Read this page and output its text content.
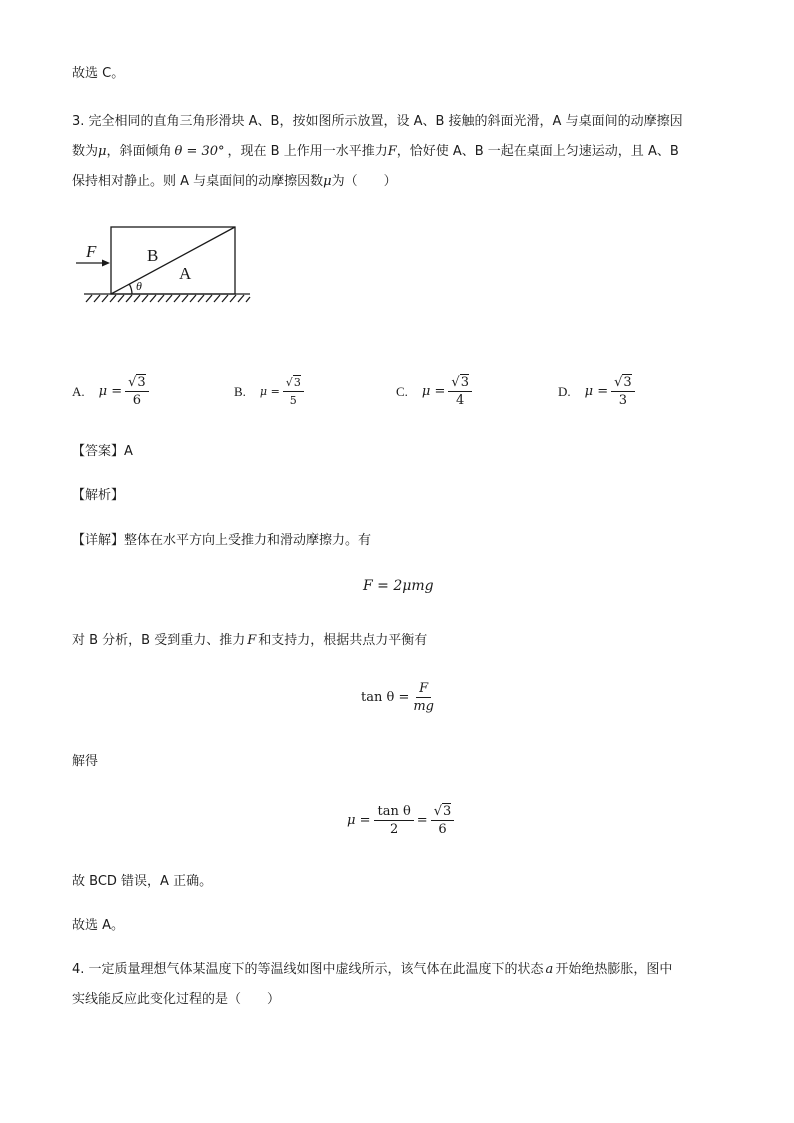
故选 C。
3. 完全相同的直角三角形滑块 A、B，按如图所示放置，设 A、B 接触的斜面光滑，A 与桌面间的动摩擦因
数为μ，斜面倾角 θ = 30° ，现在 B 上作用一水平推力F，恰好使 A、B 一起在桌面上匀速运动，且 A、B
保持相对静止。则 A 与桌面间的动摩擦因数μ为（　　）
F	B
A
θ
A. $\mu = \frac{√3}{6}$	B. $\mu = \frac{√3}{5}$	C. $\mu = \frac{√3}{4}$	D. $\mu = \frac{√3}{3}$
【答案】A
【解析】
【详解】整体在水平方向上受推力和滑动摩擦力。有
F = 2μmg
对 B 分析，B 受到重力、推力 F 和支持力，根据共点力平衡有
$\tan \theta = \frac{F}{mg}$
解得
$\mu = \frac{\text{tan θ}}{2} = \frac{√3}{6}$
故 BCD 错误，A 正确。
故选 A。
4. 一定质量理想气体某温度下的等温线如图中虚线所示，该气体在此温度下的状态 a 开始绝热膨胀，图中
实线能反应此变化过程的是（　　）
